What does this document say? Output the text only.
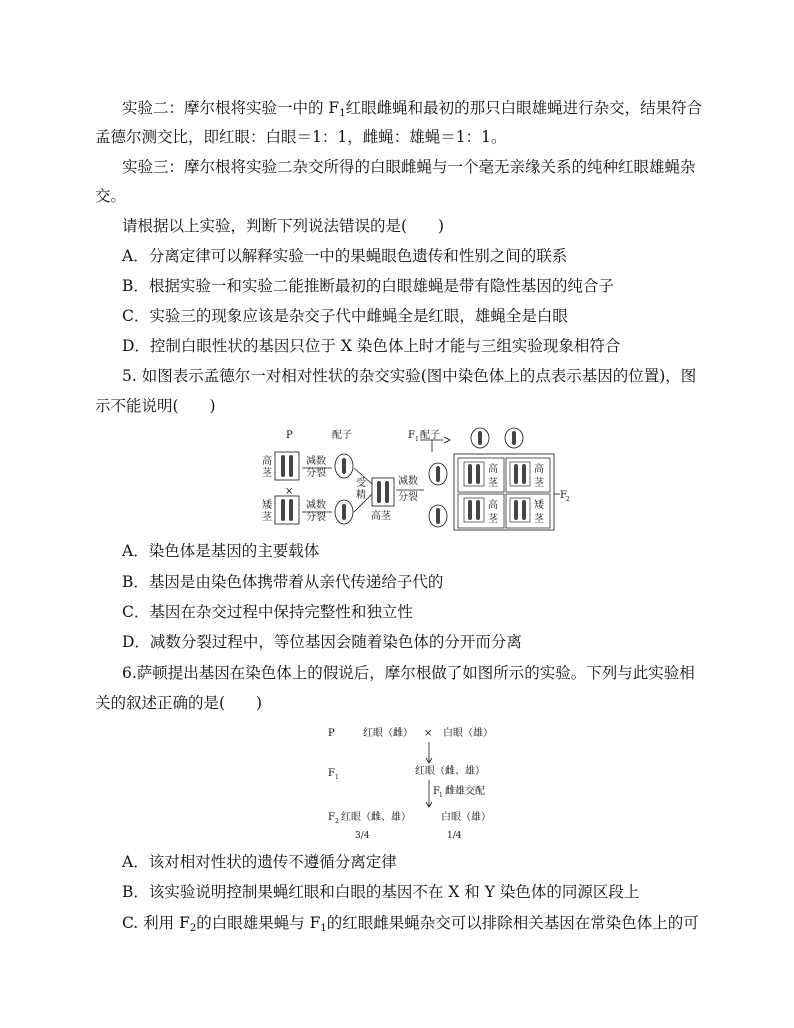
实验二：摩尔根将实验一中的 $F_1$红眼雌蝇和最初的那只白眼雄蝇进行杂交，结果符合
孟德尔测交比，即红眼：白眼＝1：1，雌蝇：雄蝇＝1：1。
实验三：摩尔根将实验二杂交所得的白眼雌蝇与一个毫无亲缘关系的纯种红眼雄蝇杂
交。
请根据以上实验，判断下列说法错误的是(　　)
A．分离定律可以解释实验一中的果蝇眼色遗传和性别之间的联系
B．根据实验一和实验二能推断最初的白眼雄蝇是带有隐性基因的纯合子
C．实验三的现象应该是杂交子代中雌蝇全是红眼，雄蝇全是白眼
D．控制白眼性状的基因只位于 X 染色体上时才能与三组实验现象相符合
5. 如图表示孟德尔一对相对性状的杂交实验(图中染色体上的点表示基因的位置)，图
示不能说明(　　)
P	配子	F 1 配子
高
茎
×
矮
茎
减数
分裂
减数
分裂
受
精
高茎
减数
分裂
高
茎
高
茎
高
茎
矮
茎
F 2
A．染色体是基因的主要载体
B．基因是由染色体携带着从亲代传递给子代的
C．基因在杂交过程中保持完整性和独立性
D．减数分裂过程中，等位基因会随着染色体的分开而分离
6.萨顿提出基因在染色体上的假说后，摩尔根做了如图所示的实验。下列与此实验相
关的叙述正确的是(　　)
P	红眼（雌） × 白眼（雄）
F 1
红眼（雌、雄）
F 1 雌雄交配
F 2 红眼（雌、雄）	白眼（雄）
3/4	1/4
A．该对相对性状的遗传不遵循分离定律
B．该实验说明控制果蝇红眼和白眼的基因不在 X 和 Y 染色体的同源区段上
C. 利用 $F_2$的白眼雄果蝇与 $F_1$的红眼雌果蝇杂交可以排除相关基因在常染色体上的可
